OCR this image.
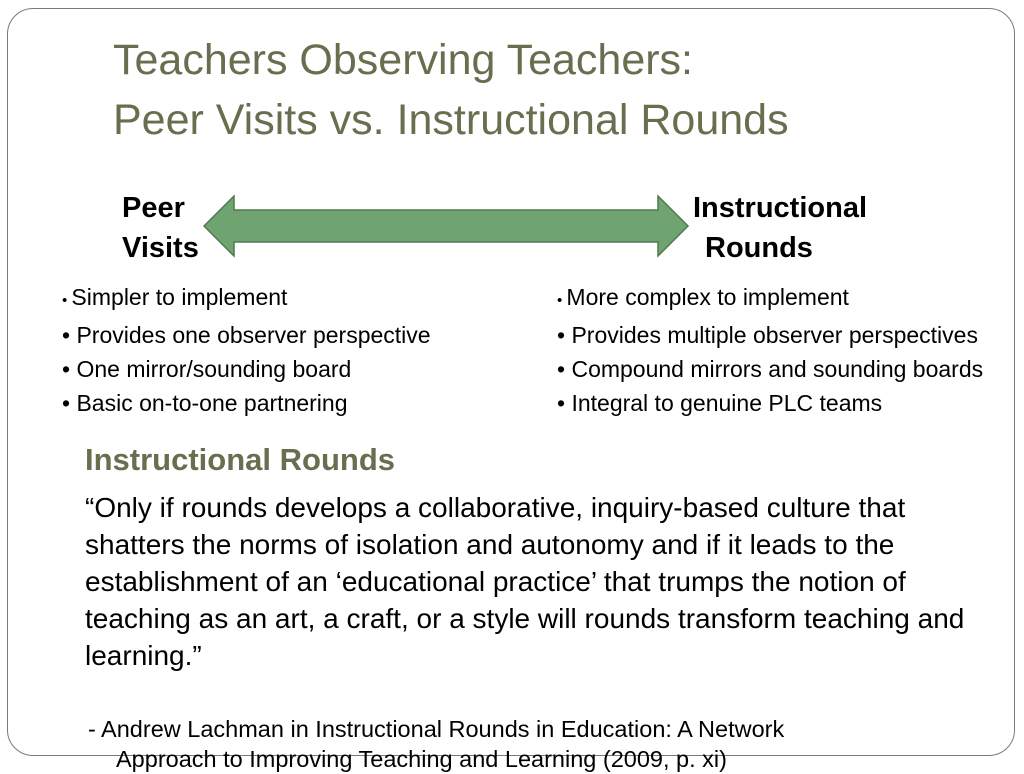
Teachers Observing Teachers:
Peer Visits vs. Instructional Rounds
Peer
Visits
Instructional
Rounds
• Simpler to implement
• Provides one observer perspective
• One mirror/sounding board
• Basic on-to-one partnering
• More complex to implement
• Provides multiple observer perspectives
• Compound mirrors and sounding boards
• Integral to genuine PLC teams
Instructional Rounds

“Only if rounds develops a collaborative, inquiry-based culture that shatters the norms of isolation and autonomy and if it leads to the establishment of an ‘educational practice’ that trumps the notion of teaching as an art, a craft, or a style will rounds transform teaching and learning.”

- Andrew Lachman in Instructional Rounds in Education: A Network
Approach to Improving Teaching and Learning (2009, p. xi)
